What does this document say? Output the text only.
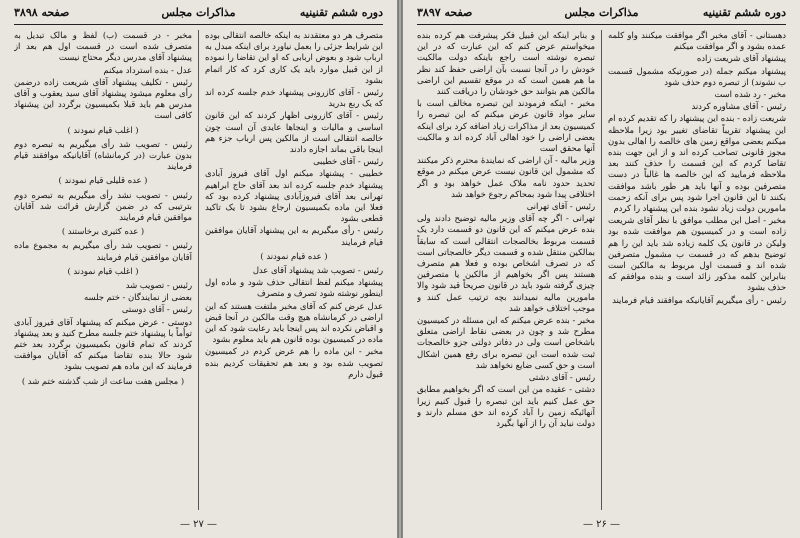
دوره ششم تقنینیه
مذاکرات مجلس
صفحه ۳۸۹۸

متصرف هر دو معتقدند به اینکه خالصه انتقالی بوده این شرایط جزئی را بعمل نیاورد برای اینکه مبدل به ارباب شود و بعوض اربابی که او این تقاضا را نموده از این قبیل موارد باید یک کاری کرد که کار اتمام بشود

رئیس - آقای کازرونی پیشنهاد خدم جلسه کرده اند که یک ربع بدرید

رئیس - آقای کازرونی اظهار کردند که این قانون اساسی و مالیات و اینجاها عایدی آن است چون خالصه انتقالی است از مالکین پس ارباب جزء هم اینجا باقی بماند اجازه دادند

رئیس - آقای خطیبی

خطیبی - پیشنهاد میکنم اول آقای فیروز آبادی پیشنهاد خدم جلسه کرده اند بعد آقای حاج ابراهیم تهرانی بعد آقای فیروزآبادی پیشنهاد کرده بود که فعلا این ماده بکمیسیون ارجاع بشود تا یک تاکید قطعی بشود

رئیس - رأی میگیریم به این پیشنهاد آقایان موافقین قیام فرمایند

( عده قیام نمودند )

رئیس - تصویب شد پیشنهاد آقای عدل

پیشنهاد میکنم لفظ انتقالی حذف شود و ماده اول اینطور نوشته شود تصرف و متصرف

عدل عرض کنم که آقای مخبر ملتفت هستند که این اراضی در کرمانشاه هیچ وقت مالکین در آنجا قبض و اقباض نکرده اند پس اینجا باید رعایت شود که این ماده در کمیسیون بوده قانون هم باید معلوم بشود

مخبر - این ماده را هم عرض کردم در کمیسیون تصویب شده بود و بعد هم تحقیقات کردیم بنده قبول دارم

مخبر - در قسمت (ب) لفظ و مالک تبدیل به متصرف شده است در قسمت اول هم بعد از پیشنهاد آقای مدرس دیگر محتاج نیست

عدل - بنده استرداد میکنم

رئیس - تکلیف پیشنهاد آقای شریعت زاده درضمن رأی معلوم میشود پیشنهاد آقای سید یعقوب و آقای مدرس هم باید قبلا بکمیسیون برگردد این پیشنهاد کافی است

( اغلب قیام نمودند )

رئیس - تصویب شد رأی میگیریم به تبصره دوم بدون عبارت (در کرمانشاه) آقایانیکه موافقند قیام فرمایند

( عده قلیلی قیام نمودند )

رئیس - تصویب نشد رأی میگیریم به تبصره دوم بترتیبی که در ضمن گزارش قرائت شد آقایان موافقین قیام فرمایند

( عده کثیری برخاستند )

رئیس - تصویب شد رأی میگیریم به مجموع ماده آقایان موافقین قیام فرمایند

( اغلب قیام نمودند )

رئیس - تصویب شد

بعضی از نمایندگان - ختم جلسه

رئیس - آقای دوستی

دوستی - عرض میکنم که پیشنهاد آقای فیروز آبادی توأماً با پیشنهاد ختم جلسه مطرح کنید و بعد پیشنهاد کردند که تمام قانون بکمیسیون برگردد بعد ختم شود حالا بنده تقاضا میکنم که آقایان موافقت فرمایند که این ماده هم تصویب بشود

( مجلس هفت ساعت از شب گذشته ختم شد )

— ۲۷ —
دوره ششم تقنینیه
مذاکرات مجلس
صفحه ۳۸۹۷

دهستانی - آقای مخبر اگر موافقت میکنند واو کلمه عمده بشود و اگر موافقت میکنم

پیشنهاد آقای شریعت زاده

پیشنهاد میکنم جمله (در صورتیکه مشمول قسمت ب نشوند) از تبصره دوم حذف شود

مخبر - رد شده است

رئیس - آقای مشاوره کردند

شریعت زاده - بنده این پیشنهاد را که تقدیم کرده ام این پیشنهاد تقریباً تقاضای تغییر بود زیرا ملاحظه میکنم بعضی مواقع زمین های خالصه را اهالی بدون مجوز قانونی تصاحب کرده اند و از این جهت بنده تقاضا کردم که این قسمت را حذف کنند بعد ملاحظه فرمایید که این خالصه ها غالباً در دست متصرفین بوده و آنها باید هر طور باشد موافقت بکنند تا این قانون اجرا شود پس برای آنکه زحمت مامورین دولت زیاد نشود بنده این پیشنهاد را کردم

مخبر - اصل این مطلب موافق با نظر آقای شریعت زاده است و در کمیسیون هم موافقت شده بود ولیکن در قانون یک کلمه زیاده شد باید این را هم توضیح بدهم که در قسمت ب مشمول متصرفین شده اند و قسمت اول مربوط به مالکین است بنابراین کلمه مذکور زائد است و بنده موافقم که حذف بشود

رئیس - رأی میگیریم آقایانیکه موافقند قیام فرمایند

و بنابر اینکه این قبیل فکر پیشرفت هم کرده بنده میخواستم عرض کنم که این عبارت که در این تبصره نوشته است راجع باینکه دولت مالکیت خودش را در آنجا نسبت بآن اراضی حفظ کند نظر ما هم همین است که در موقع تقسیم این اراضی مالکین هم بتوانند حق خودشان را دریافت کنند

مخبر - اینکه فرمودند این تبصره مخالف است با سایر مواد قانون عرض میکنم که این تبصره را کمیسیون بعد از مذاکرات زیاد اضافه کرد برای اینکه بعضی اراضی را خود اهالی آباد کرده اند و مالکیت آنها محقق است

وزیر مالیه - آن اراضی که نمایندۀ محترم ذکر میکنند که مشمول این قانون نیست عرض میکنم در موقع تحدید حدود نامه ملاک عمل خواهد بود و اگر اختلافی پیدا شود بمحاکم رجوع خواهد شد

رئیس - آقای تهرانی

تهرانی - اگر چه آقای وزیر مالیه توضیح دادند ولی بنده عرض میکنم که این قانون دو قسمت دارد یک قسمت مربوط بخالصجات انتقالی است که سابقاً بمالکین منتقل شده و قسمت دیگر خالصجاتی است که در تصرف اشخاص بوده و فعلا هم متصرف هستند پس اگر بخواهیم از مالکین یا متصرفین چیزی گرفته شود باید در قانون صریحاً قید شود والا مامورین مالیه نمیدانند بچه ترتیب عمل کنند و موجب اختلاف خواهد شد

مخبر - بنده عرض میکنم که این مسئله در کمیسیون مطرح شد و چون در بعضی نقاط اراضی متعلق باشخاص است ولی در دفاتر دولتی جزو خالصجات ثبت شده است این تبصره برای رفع همین اشکال است و حق کسی ضایع نخواهد شد

رئیس - آقای دشتی

دشتی - عقیده من این است که اگر بخواهیم مطابق حق عمل کنیم باید این تبصره را قبول کنیم زیرا آنهائیکه زمین را آباد کرده اند حق مسلم دارند و دولت نباید آن را از آنها بگیرد

— ۲۶ —
